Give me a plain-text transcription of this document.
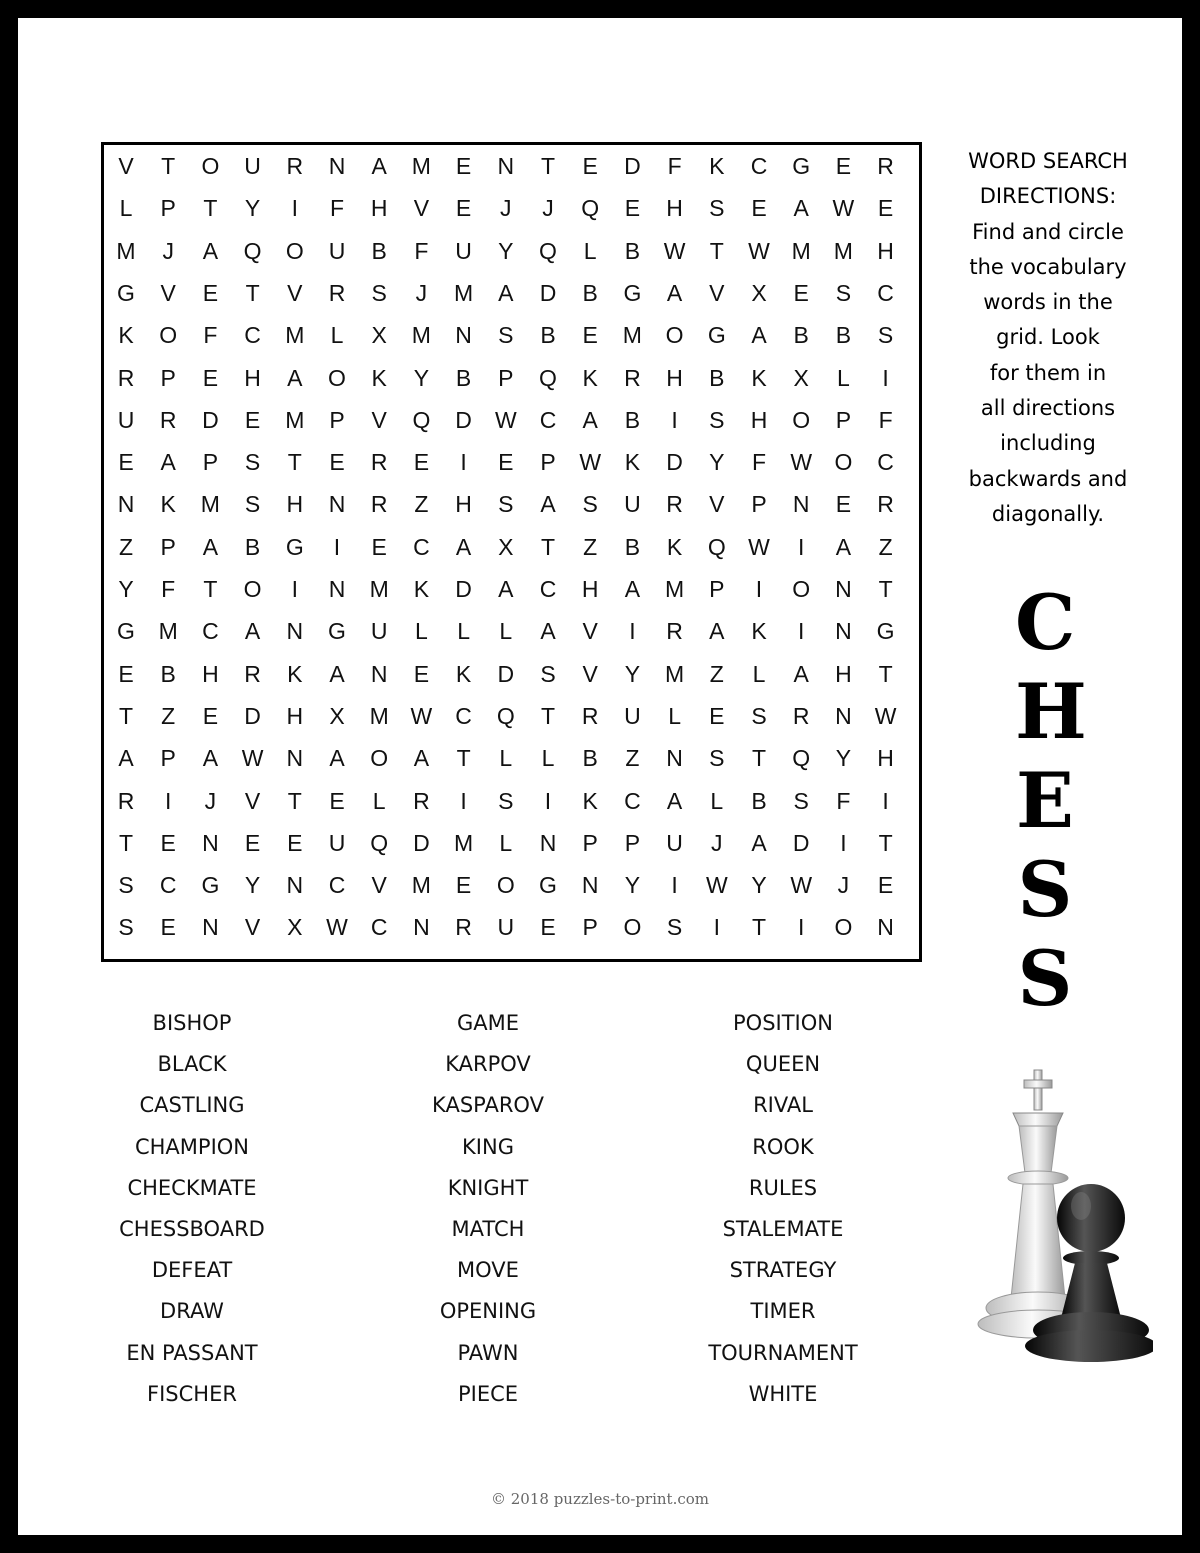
V	T	O	U	R	N	A	M	E	N	T	E	D	F	K	C	G	E	R
L	P	T	Y	I	F	H	V	E	J	J	Q	E	H	S	E	A	W	E
M	J	A	Q	O	U	B	F	U	Y	Q	L	B	W	T	W M	M	H
G	V	E	T	V	R	S	J	M	A	D	B	G	A	V	X	E	S	C
K	O	F	C	M	L	X	M	N	S	B	E	M	O	G	A	B	B	S
R	P	E	H	A	O	K	Y	B	P	Q	K	R	H	B	K	X	L	I
U	R	D	E	M	P	V	Q	D	W	C	A	B	I	S	H	O	P	F
E	A	P	S	T	E	R	E	I	E	P	W	K	D	Y	F	W O	C
N	K	M	S	H	N	R	Z	H	S	A	S	U	R	V	P	N	E	R
Z	P	A	B	G	I	E	C	A	X	T	Z	B	K	Q W	I	A	Z
Y	F	T	O	I	N	M	K	D	A	C	H	A	M	P	I	O	N	T
G	M	C	A	N	G	U	L	L	L	A	V	I	R	A	K	I	N	G
E	B	H	R	K	A	N	E	K	D	S	V	Y	M	Z	L	A	H	T
T	Z	E	D	H	X	M W	C	Q	T	R	U	L	E	S	R	N	W
A	P	A	W	N	A	O	A	T	L	L	B	Z	N	S	T	Q	Y	H
R	I	J	V	T	E	L	R	I	S	I	K	C	A	L	B	S	F	I
T	E	N	E	E	U	Q	D	M	L	N	P	P	U	J	A	D	I	T
S	C	G	Y	N	C	V	M	E	O	G	N	Y	I	W	Y	W	J	E
S	E	N	V	X	W	C	N	R	U	E	P	O	S	I	T	I	O	N
WORD SEARCH
DIRECTIONS:
Find and circle
the vocabulary
words in the
grid. Look
for them in
all directions
including
backwards and
diagonally.
C
H
E
S
S
BISHOP
BLACK
CASTLING
CHAMPION
CHECKMATE
CHESSBOARD
DEFEAT
DRAW
EN PASSANT
FISCHER
GAME
KARPOV
KASPAROV
KING
KNIGHT
MATCH
MOVE
OPENING
PAWN
PIECE
POSITION
QUEEN
RIVAL
ROOK
RULES
STALEMATE
STRATEGY
TIMER
TOURNAMENT
WHITE
© 2018 puzzles-to-print.com
